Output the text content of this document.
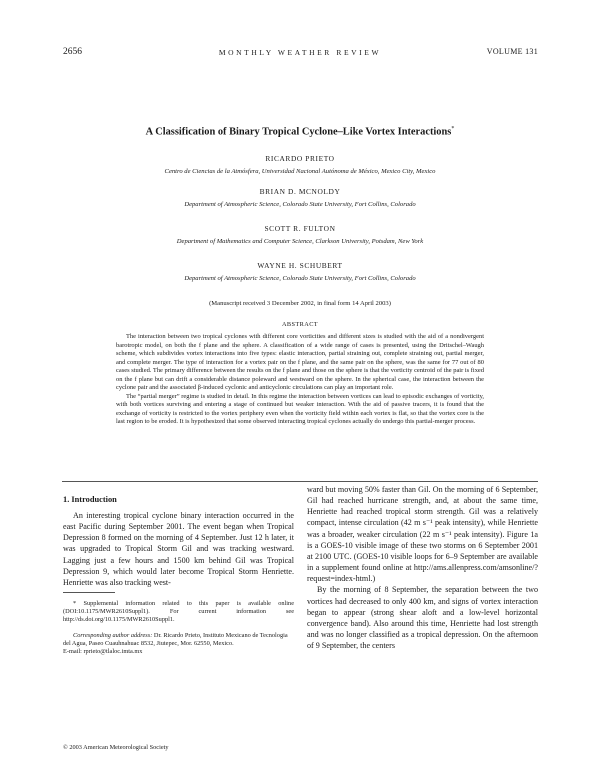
2656	MONTHLY WEATHER REVIEW	VOLUME 131
A Classification of Binary Tropical Cyclone–Like Vortex Interactions*
RICARDO PRIETO
Centro de Ciencias de la Atmósfera, Universidad Nacional Autónoma de México, Mexico City, Mexico
BRIAN D. MCNOLDY
Department of Atmospheric Science, Colorado State University, Fort Collins, Colorado
SCOTT R. FULTON
Department of Mathematics and Computer Science, Clarkson University, Potsdam, New York
WAYNE H. SCHUBERT
Department of Atmospheric Science, Colorado State University, Fort Collins, Colorado
(Manuscript received 3 December 2002, in final form 14 April 2003)
ABSTRACT

The interaction between two tropical cyclones with different core vorticities and different sizes is studied with the aid of a nondivergent barotropic model, on both the f plane and the sphere. A classification of a wide range of cases is presented, using the Dritschel–Waugh scheme, which subdivides vortex interactions into five types: elastic interaction, partial straining out, complete straining out, partial merger, and complete merger. The type of interaction for a vortex pair on the f plane, and the same pair on the sphere, was the same for 77 out of 80 cases studied. The primary difference between the results on the f plane and those on the sphere is that the vorticity centroid of the pair is fixed on the f plane but can drift a considerable distance poleward and westward on the sphere. In the spherical case, the interaction between the cyclone pair and the associated β-induced cyclonic and anticyclonic circulations can play an important role.

The “partial merger” regime is studied in detail. In this regime the interaction between vortices can lead to episodic exchanges of vorticity, with both vortices surviving and entering a stage of continued but weaker interaction. With the aid of passive tracers, it is found that the exchange of vorticity is restricted to the vortex periphery even when the vorticity field within each vortex is flat, so that the vortex core is the last region to be eroded. It is hypothesized that some observed interacting tropical cyclones actually do undergo this partial-merger process.

1. Introduction

An interesting tropical cyclone binary interaction occurred in the east Pacific during September 2001. The event began when Tropical Depression 8 formed on the morning of 4 September. Just 12 h later, it was upgraded to Tropical Storm Gil and was tracking westward. Lagging just a few hours and 1500 km behind Gil was Tropical Depression 9, which would later become Tropical Storm Henriette. Henriette was also tracking west-

* Supplemental information related to this paper is available online (DOI:10.1175/MWR2610Suppl1). For current information see http://ds.doi.org/10.1175/MWR2610Suppl1.

Corresponding author address: Dr. Ricardo Prieto, Instituto Mexicano de Tecnologia del Agua, Paseo Cuauhnahuac 8532, Jiutepec, Mor. 62550, Mexico.

E-mail: rprieto@tlaloc.imta.mx

ward but moving 50% faster than Gil. On the morning of 6 September, Gil had reached hurricane strength, and, at about the same time, Henriette had reached tropical storm strength. Gil was a relatively compact, intense circulation (42 m s⁻¹ peak intensity), while Henriette was a broader, weaker circulation (22 m s⁻¹ peak intensity). Figure 1a is a GOES-10 visible image of these two storms on 6 September 2001 at 2100 UTC. (GOES-10 visible loops for 6–9 September are available in a supplement found online at http://ams.allenpress.com/amsonline/?request=index-html.)

By the morning of 8 September, the separation between the two vortices had decreased to only 400 km, and signs of vortex interaction began to appear (strong shear aloft and a low-level horizontal convergence band). Also around this time, Henriette had lost strength and was no longer classified as a tropical depression. On the afternoon of 9 September, the centers

© 2003 American Meteorological Society
